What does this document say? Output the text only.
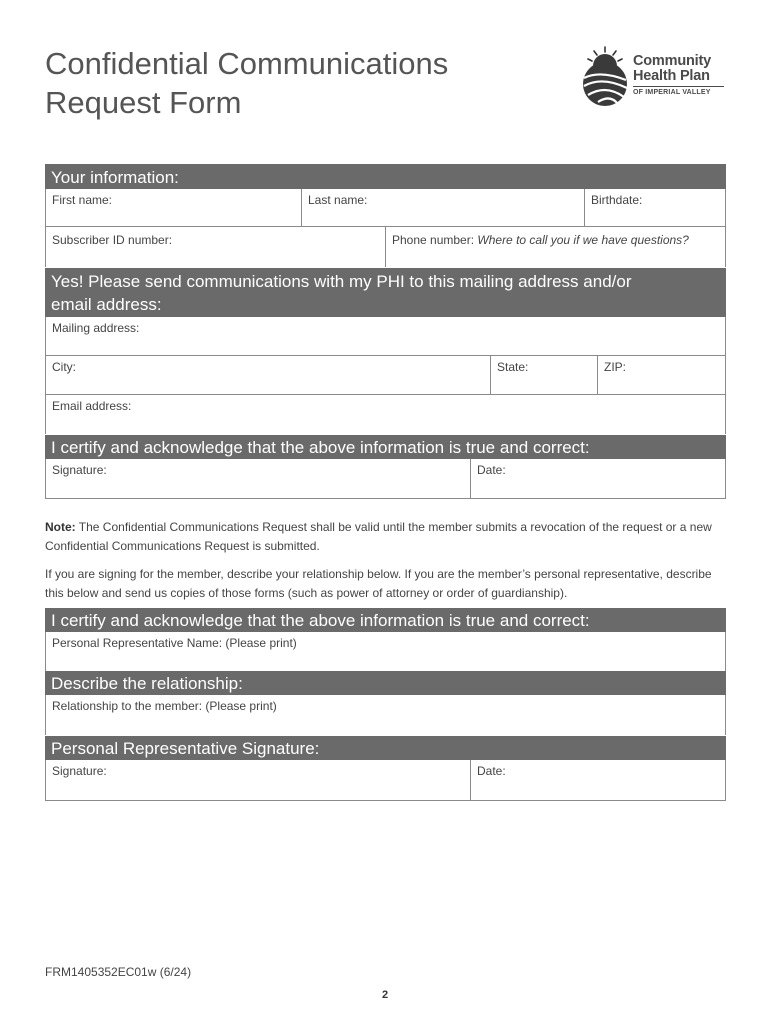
Confidential Communications
Request Form
Community
Health Plan
OF IMPERIAL VALLEY
Your information:
First name:	Last name:	Birthdate:
Subscriber ID number:	Phone number: Where to call you if we have questions?
Yes! Please send communications with my PHI to this mailing address and/or
email address:
Mailing address:
City:	State:	ZIP:
Email address:
I certify and acknowledge that the above information is true and correct:
Signature:	Date:

Note: The Confidential Communications Request shall be valid until the member submits a revocation of the request or a new Confidential Communications Request is submitted.

If you are signing for the member, describe your relationship below. If you are the member’s personal representative, describe this below and send us copies of those forms (such as power of attorney or order of guardianship).

I certify and acknowledge that the above information is true and correct:
Personal Representative Name: (Please print)
Describe the relationship:
Relationship to the member: (Please print)
Personal Representative Signature:
Signature:	Date:
FRM1405352EC01w (6/24)
2
